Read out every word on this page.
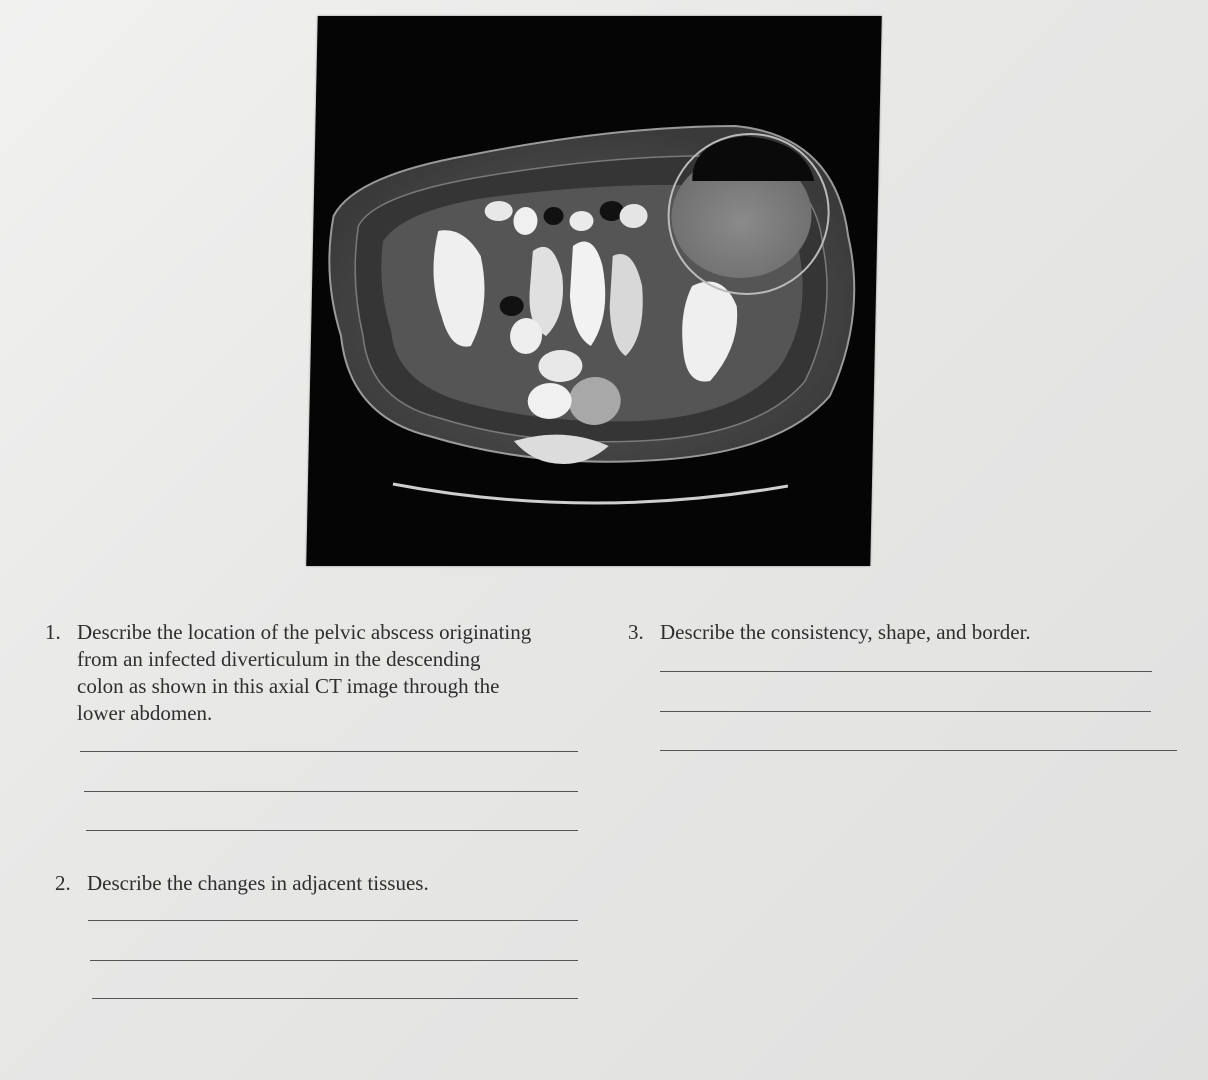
1. Describe the location of the pelvic abscess originating
from an infected diverticulum in the descending
colon as shown in this axial CT image through the
lower abdomen.
2. Describe the changes in adjacent tissues.
3. Describe the consistency, shape, and border.
